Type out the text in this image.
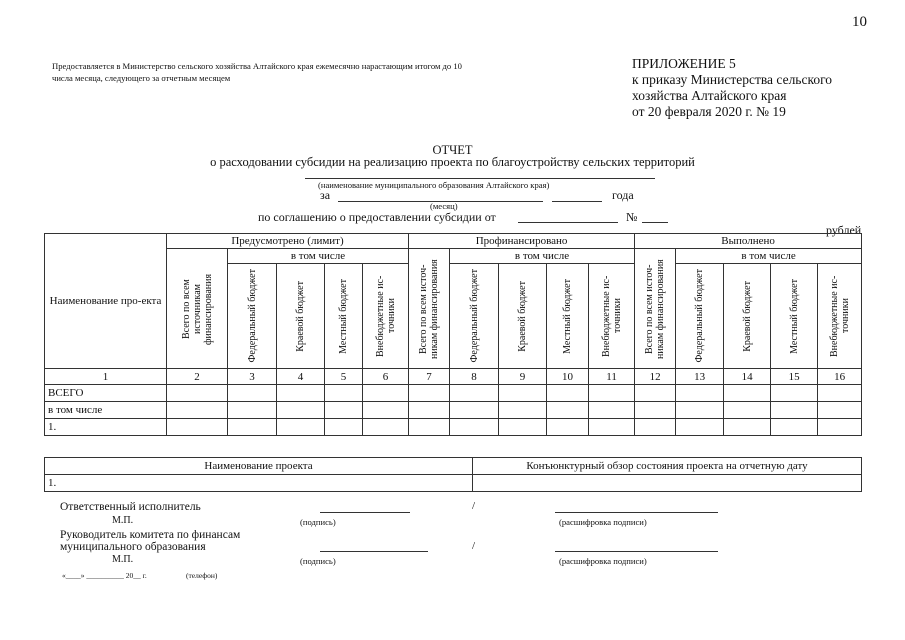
10
Предоставляется в Министерство сельского хозяйства Алтайского края ежемесячно нарастающим итогом до 10 числа месяца, следующего за отчетным месяцем
ПРИЛОЖЕНИЕ 5
к приказу Министерства сельского
хозяйства Алтайского края
от 20 февраля 2020 г. № 19
ОТЧЕТ
о расходовании субсидии на реализацию проекта по благоустройству сельских территорий
(наименование муниципального образования Алтайского края)
за
(месяц)
года
по соглашению о предоставлении субсидии от	№
рублей
Наименование про-екта	Предусмотрено (лимит)					Профинансировано					Выполнено				

	Всего по всем источникам финансирования	в том числе				Всего по всем источ-никам финансирования	в том числе				Всего по всем источ-никам финансирования	в том числе			

		Федеральный бюджет	Краевой бюджет	Местный бюджет	Внебюджетные ис-точники		Федеральный бюджет	Краевой бюджет	Местный бюджет	Внебюджетные ис-точники		Федеральный бюджет	Краевой бюджет	Местный бюджет	Внебюджетные ис-точники

1	2	3	4	5	6	7	8	9	10	11	12	13	14	15	16
ВСЕГО															
в том числе															
1.															
Наименование проекта	Конъюнктурный обзор состояния проекта на отчетную дату
1.	
Ответственный исполнитель
М.П.	(подпись)
/
(расшифровка подписи)
Руководитель комитета по финансам
муниципального образования
М.П.	(подпись)
/
(расшифровка подписи)
«____» __________ 20__ г.	(телефон)
